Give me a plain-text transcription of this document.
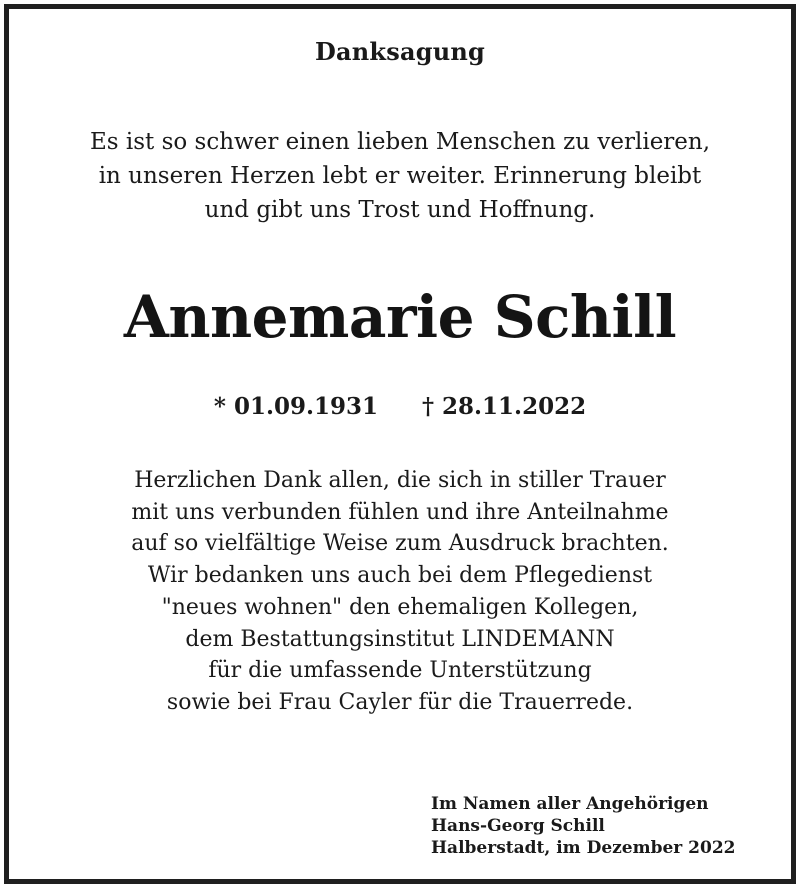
Danksagung
Es ist so schwer einen lieben Menschen zu verlieren,
in unseren Herzen lebt er weiter. Erinnerung bleibt
und gibt uns Trost und Hoffnung.
Annemarie Schill
* 01.09.1931 † 28.11.2022
Herzlichen Dank allen, die sich in stiller Trauer
mit uns verbunden fühlen und ihre Anteilnahme
auf so vielfältige Weise zum Ausdruck brachten.
Wir bedanken uns auch bei dem Pflegedienst
"neues wohnen" den ehemaligen Kollegen,
dem Bestattungsinstitut LINDEMANN
für die umfassende Unterstützung
sowie bei Frau Cayler für die Trauerrede.
Im Namen aller Angehörigen
Hans-Georg Schill
Halberstadt, im Dezember 2022
